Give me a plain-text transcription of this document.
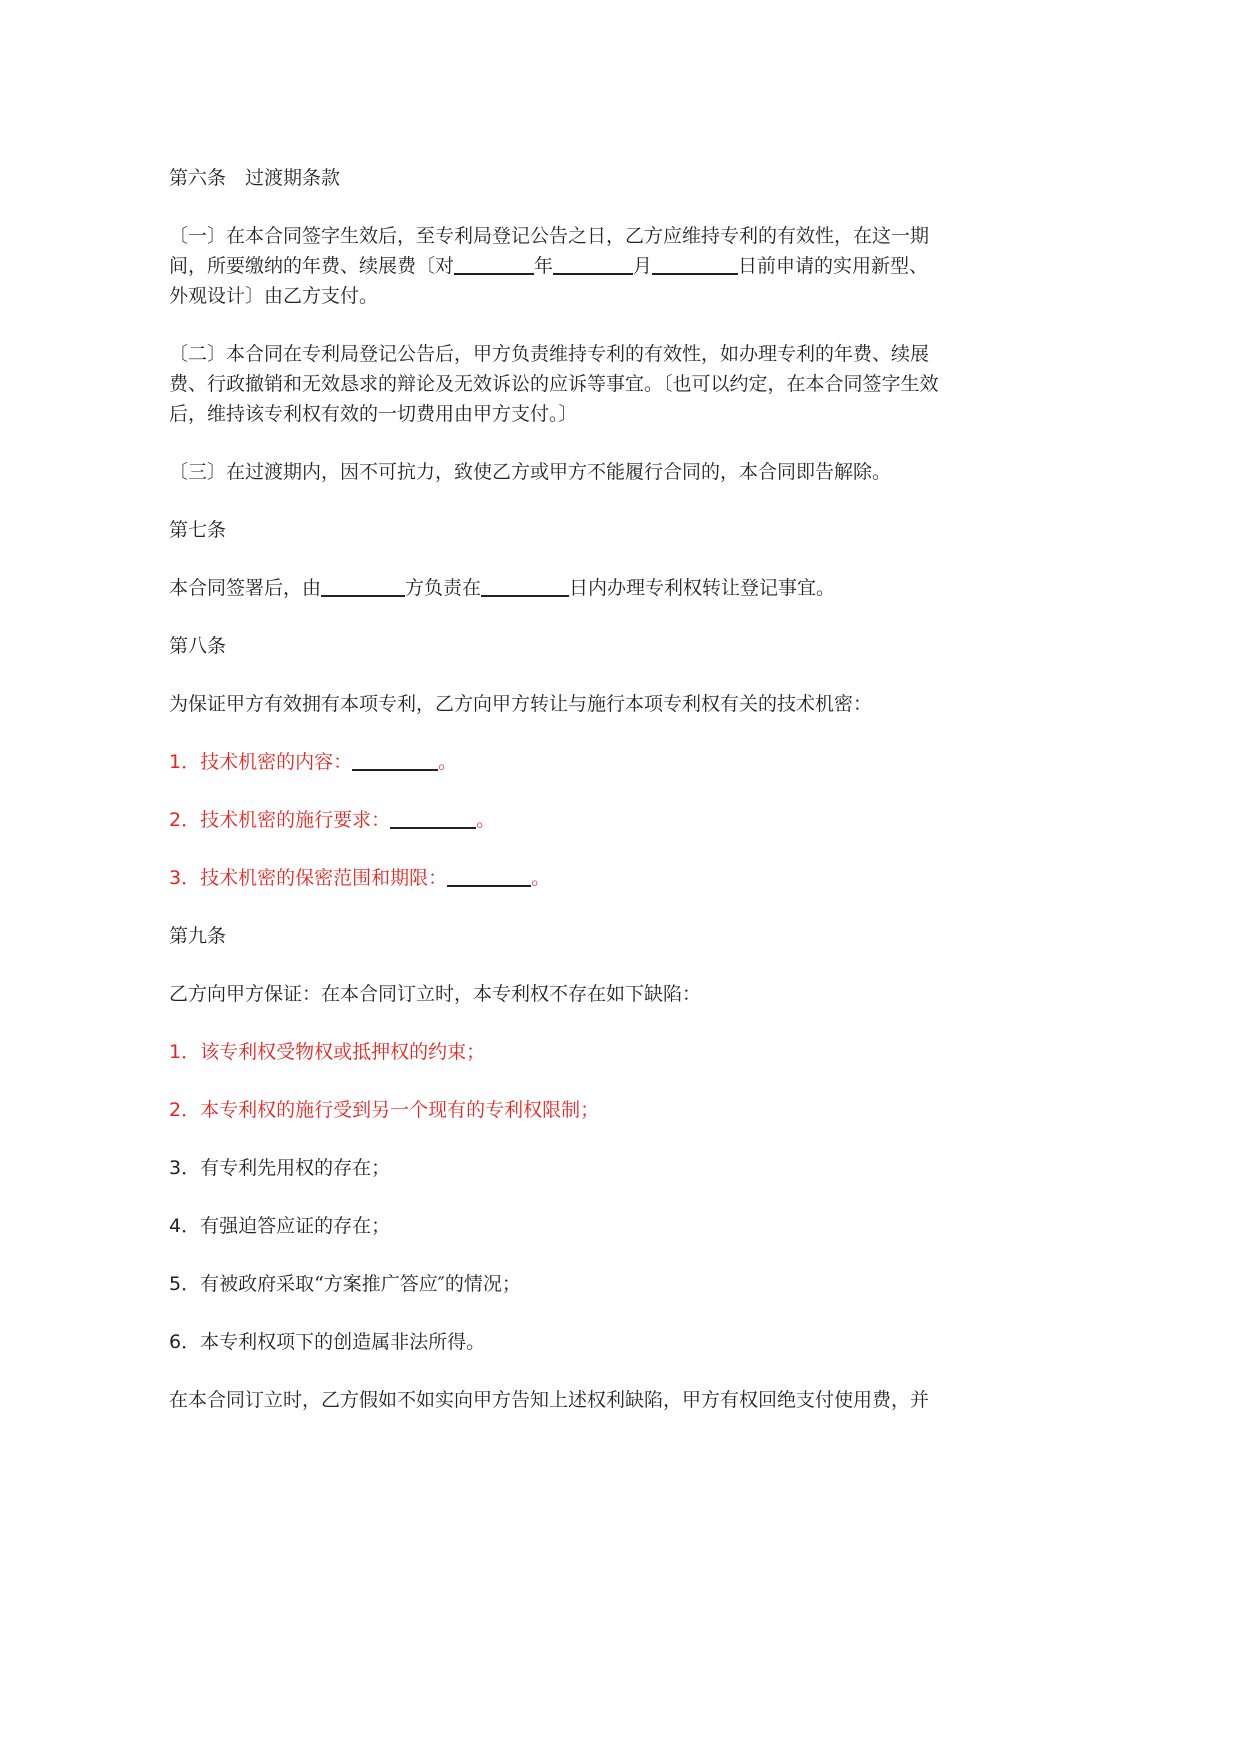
第六条　过渡期条款

〔一〕在本合同签字生效后，至专利局登记公告之日，乙方应维持专利的有效性，在这一期间，所要缴纳的年费、续展费〔对	年	月	日前申请的实用新型、外观设计〕由乙方支付。

〔二〕本合同在专利局登记公告后，甲方负责维持专利的有效性，如办理专利的年费、续展费、行政撤销和无效恳求的辩论及无效诉讼的应诉等事宜。〔也可以约定，在本合同签字生效后，维持该专利权有效的一切费用由甲方支付。〕

〔三〕在过渡期内，因不可抗力，致使乙方或甲方不能履行合同的，本合同即告解除。

第七条

本合同签署后，由	方负责在	日内办理专利权转让登记事宜。

第八条

为保证甲方有效拥有本项专利，乙方向甲方转让与施行本项专利权有关的技术机密：

1．技术机密的内容：	。

2．技术机密的施行要求：	。

3．技术机密的保密范围和期限：	。

第九条

乙方向甲方保证：在本合同订立时，本专利权不存在如下缺陷：

1．该专利权受物权或抵押权的约束；

2．本专利权的施行受到另一个现有的专利权限制；

3．有专利先用权的存在；

4．有强迫答应证的存在；

5．有被政府采取“方案推广答应″的情况；

6．本专利权项下的创造属非法所得。

在本合同订立时，乙方假如不如实向甲方告知上述权利缺陷，甲方有权回绝支付使用费，并
